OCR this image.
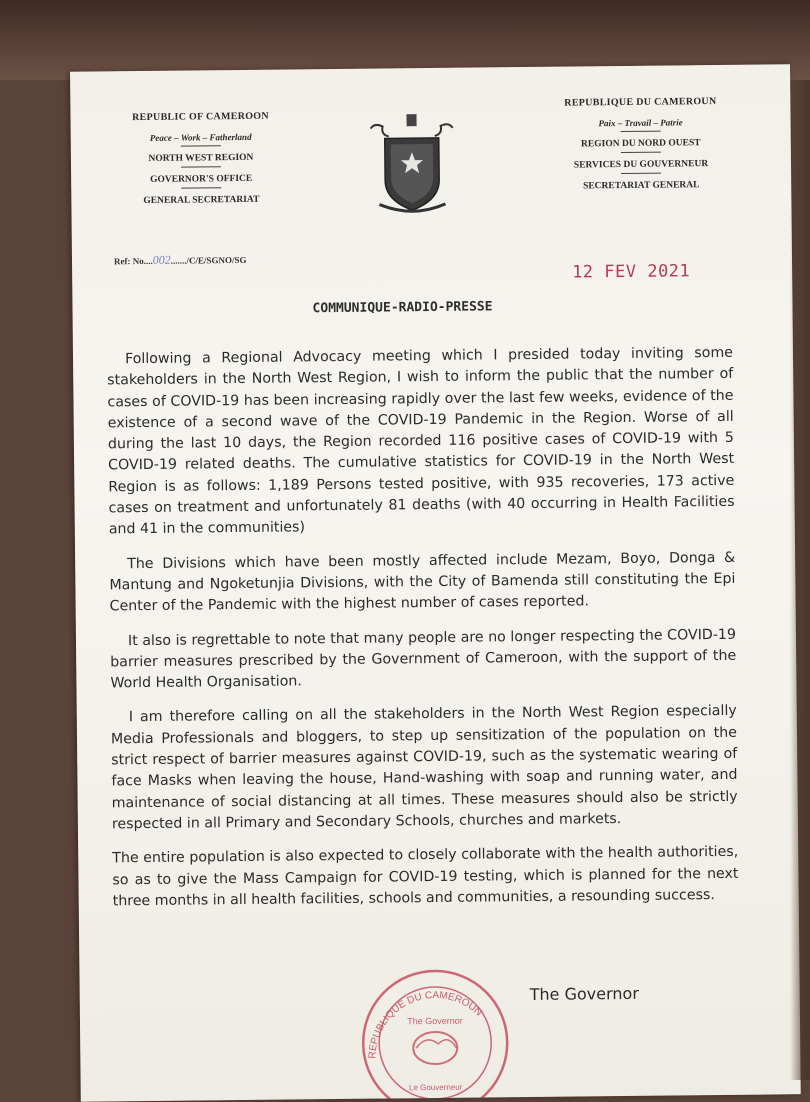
REPUBLIC OF CAMEROON
Peace – Work – Fatherland
NORTH WEST REGION
GOVERNOR'S OFFICE
GENERAL SECRETARIAT
REPUBLIQUE DU CAMEROUN
Paix – Travail – Patrie
REGION DU NORD OUEST
SERVICES DU GOUVERNEUR
SECRETARIAT GENERAL
Ref: No....002......./C/E/SGNO/SG
12 FEV 2021
COMMUNIQUE-RADIO-PRESSE

Following a Regional Advocacy meeting which I presided today inviting some stakeholders in the North West Region, I wish to inform the public that the number of cases of COVID-19 has been increasing rapidly over the last few weeks, evidence of the existence of a second wave of the COVID-19 Pandemic in the Region. Worse of all during the last 10 days, the Region recorded 116 positive cases of COVID-19 with 5 COVID-19 related deaths. The cumulative statistics for COVID-19 in the North West Region is as follows: 1,189 Persons tested positive, with 935 recoveries, 173 active cases on treatment and unfortunately 81 deaths (with 40 occurring in Health Facilities and 41 in the communities)

The Divisions which have been mostly affected include Mezam, Boyo, Donga & Mantung and Ngoketunjia Divisions, with the City of Bamenda still constituting the Epi Center of the Pandemic with the highest number of cases reported.

It also is regrettable to note that many people are no longer respecting the COVID-19 barrier measures prescribed by the Government of Cameroon, with the support of the World Health Organisation.

I am therefore calling on all the stakeholders in the North West Region especially Media Professionals and bloggers, to step up sensitization of the population on the strict respect of barrier measures against COVID-19, such as the systematic wearing of face Masks when leaving the house, Hand-washing with soap and running water, and maintenance of social distancing at all times. These measures should also be strictly respected in all Primary and Secondary Schools, churches and markets.

The entire population is also expected to closely collaborate with the health authorities, so as to give the Mass Campaign for COVID-19 testing, which is planned for the next three months in all health facilities, schools and communities, a resounding success.

REPUBLIQUE DU CAMEROUN
The Governor
Le Gouverneur
The Governor
